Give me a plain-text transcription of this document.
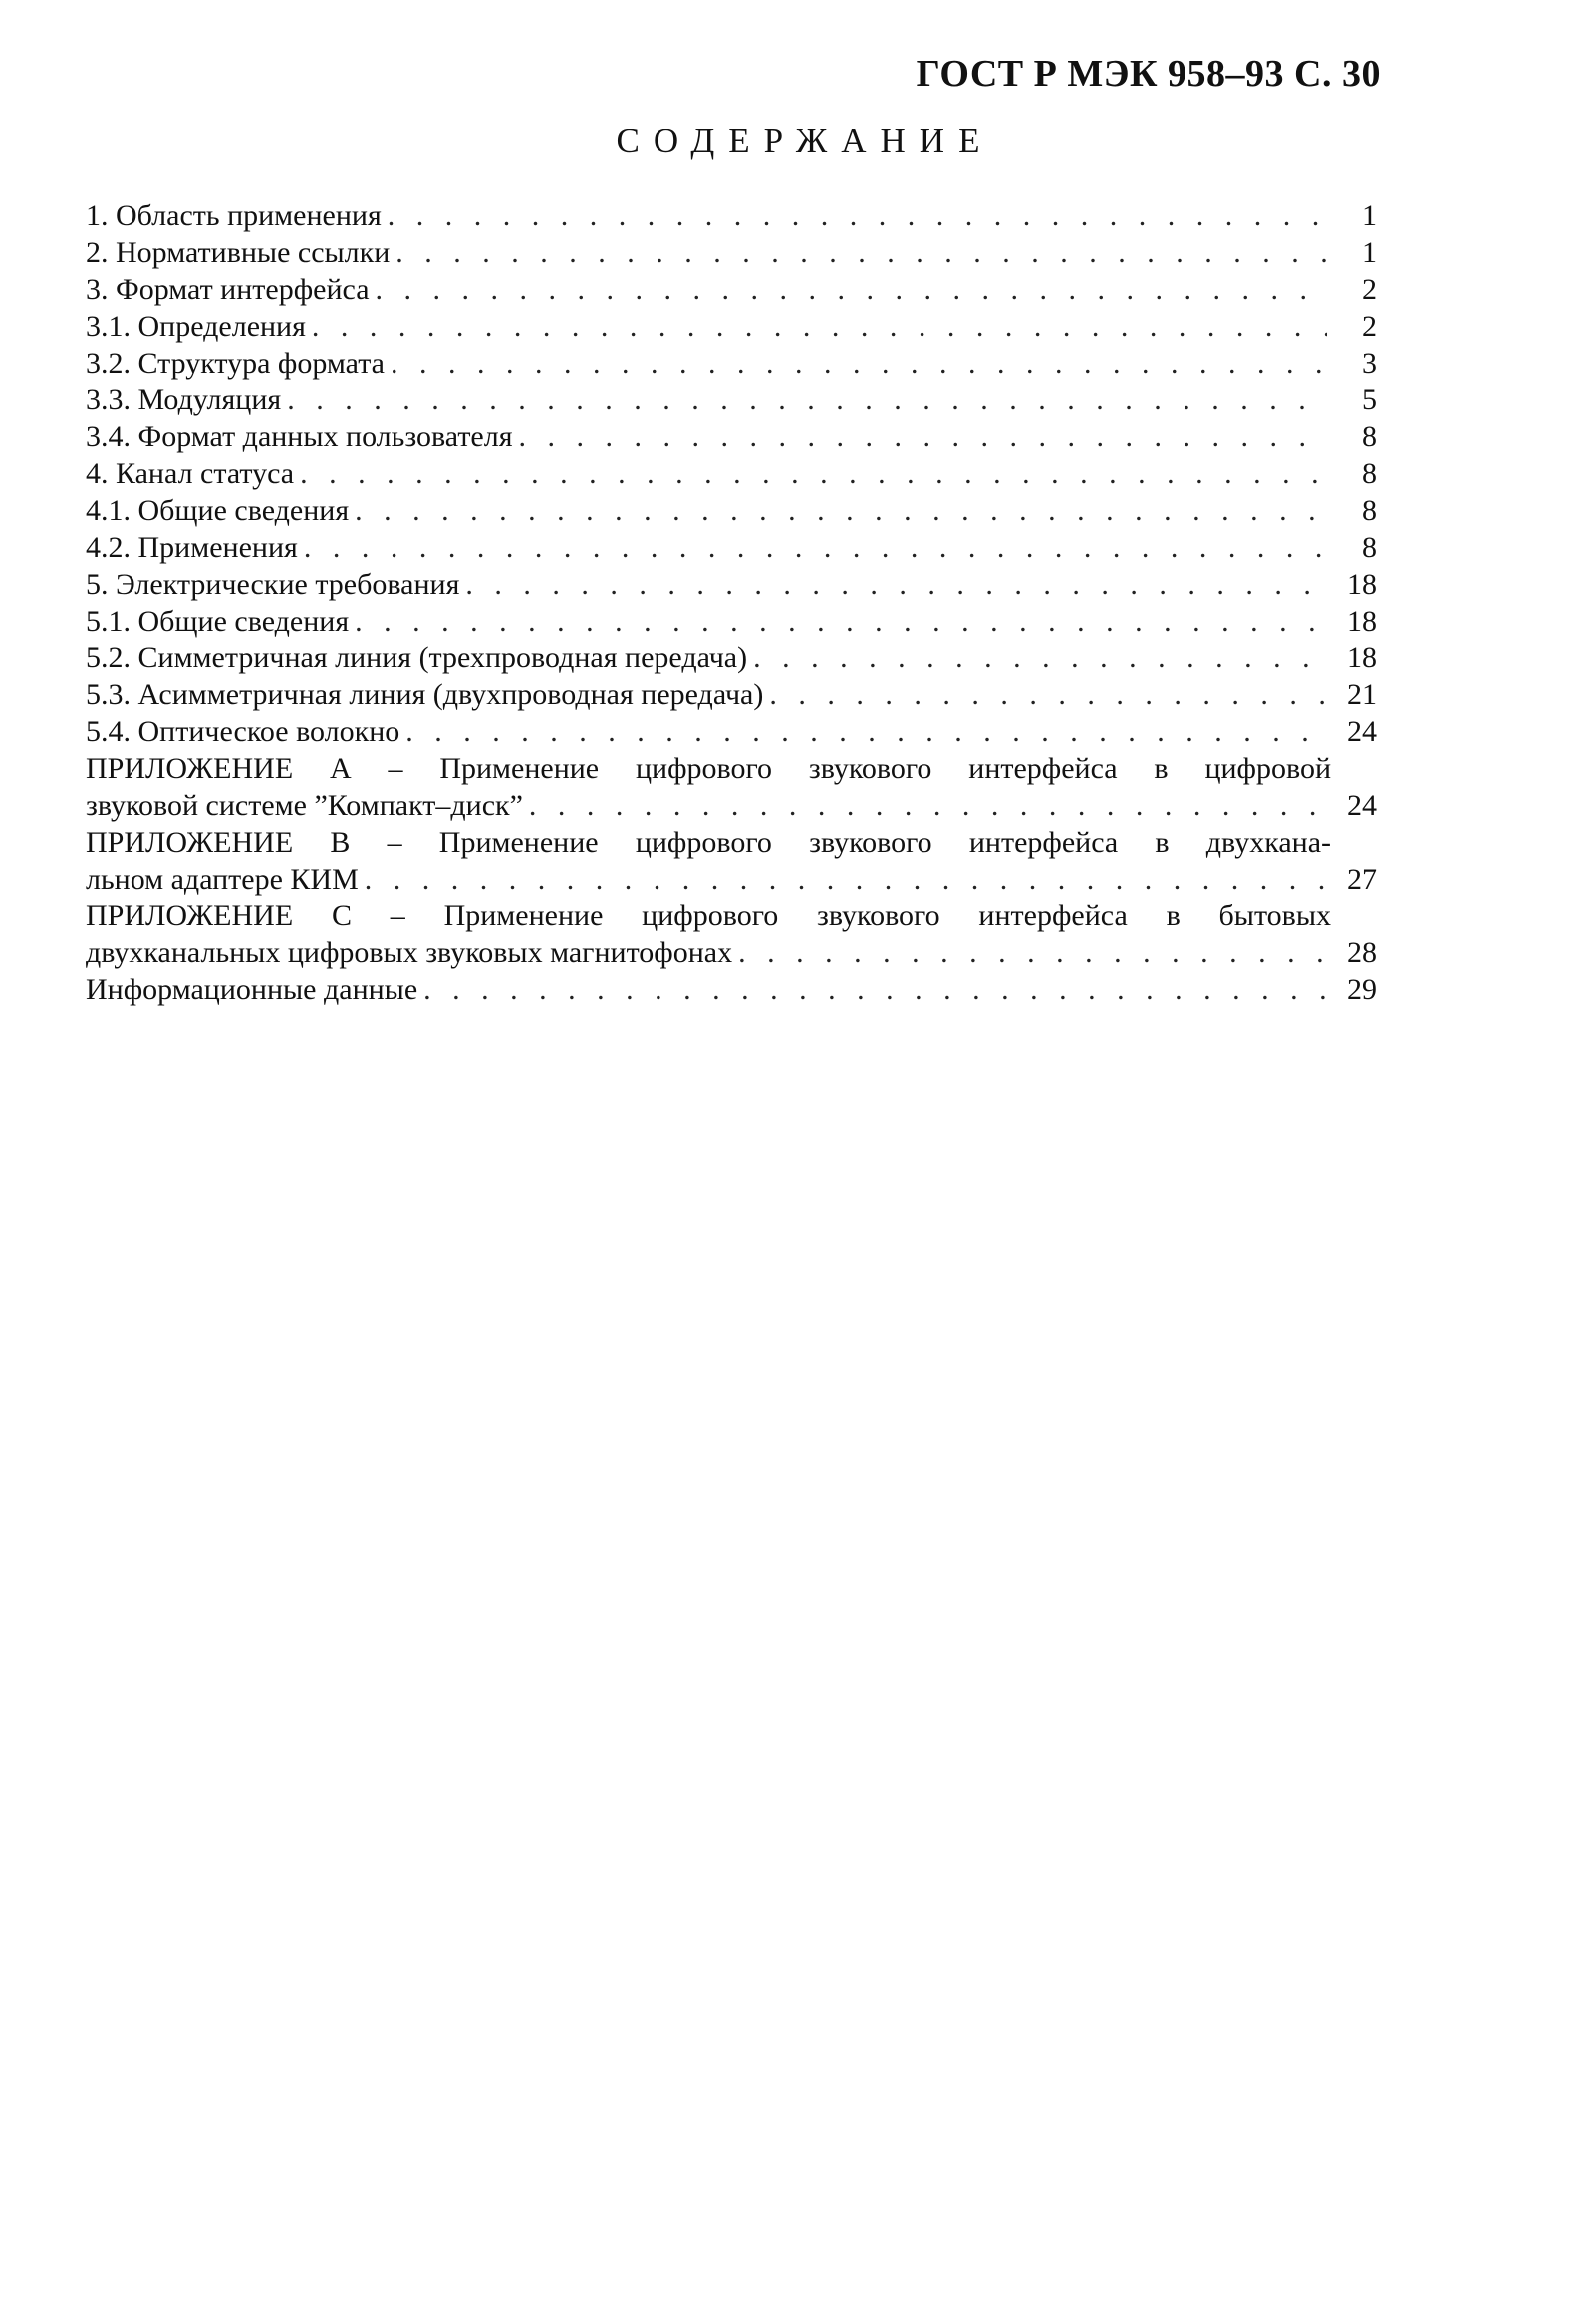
ГОСТ Р МЭК 958–93 С. 30
СОДЕРЖАНИЕ
1. Область применения . . .	1
2. Нормативные ссылки . . .	1
3. Формат интерфейса . . .	2
3.1. Определения . . .	2
3.2. Структура формата . . .	3
3.3. Модуляция . . .	5
3.4. Формат данных пользователя . . .	8
4. Канал статуса . . .	8
4.1. Общие сведения . . .	8
4.2. Применения . . .	8
5. Электрические требования . . .	18
5.1. Общие сведения . . .	18
5.2. Симметричная линия (трехпроводная передача) . . .	18
5.3. Асимметричная линия (двухпроводная передача) . . .	21
5.4. Оптическое волокно . . .	24
ПРИЛОЖЕНИЕ А – Применение цифрового звукового интерфейса в цифровой
звуковой системе ”Компакт–диск” . . .	24
ПРИЛОЖЕНИЕ В – Применение цифрового звукового интерфейса в двухкана-
льном адаптере КИМ . . .	27
ПРИЛОЖЕНИЕ С – Применение цифрового звукового интерфейса в бытовых
двухканальных цифровых звуковых магнитофонах . . .	28
Информационные данные . . .	29
